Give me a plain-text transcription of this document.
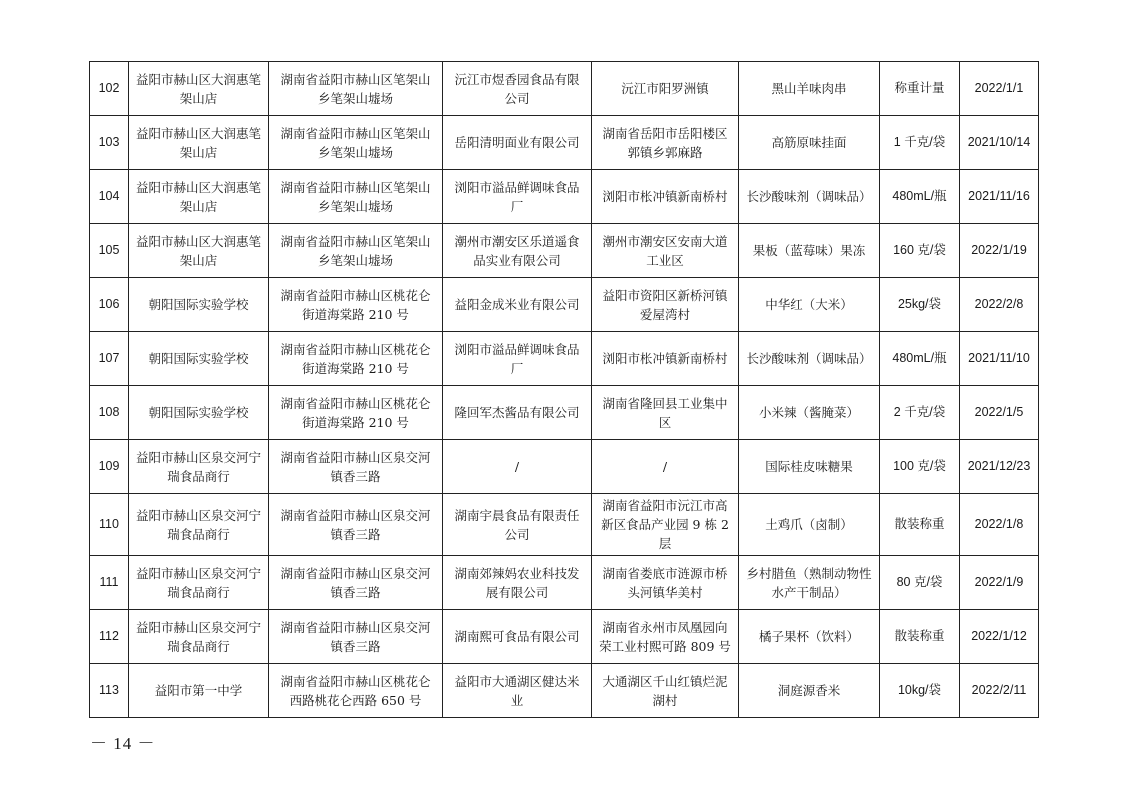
102	益阳市赫山区大润惠笔架山店	湖南省益阳市赫山区笔架山乡笔架山墟场	沅江市煜香园食品有限公司	沅江市阳罗洲镇	黑山羊味肉串	称重计量	2022/1/1
103	益阳市赫山区大润惠笔架山店	湖南省益阳市赫山区笔架山乡笔架山墟场	岳阳清明面业有限公司	湖南省岳阳市岳阳楼区郭镇乡郭麻路	高筋原味挂面	1 千克/袋	2021/10/14
104	益阳市赫山区大润惠笔架山店	湖南省益阳市赫山区笔架山乡笔架山墟场	浏阳市溢品鲜调味食品厂	浏阳市枨冲镇新南桥村	长沙酸味剂（调味品）	480mL/瓶	2021/11/16
105	益阳市赫山区大润惠笔架山店	湖南省益阳市赫山区笔架山乡笔架山墟场	潮州市潮安区乐道遥食品实业有限公司	潮州市潮安区安南大道工业区	果板（蓝莓味）果冻	160 克/袋	2022/1/19
106	朝阳国际实验学校	湖南省益阳市赫山区桃花仑街道海棠路 210 号	益阳金成米业有限公司	益阳市资阳区新桥河镇爱屋湾村	中华红（大米）	25kg/袋	2022/2/8
107	朝阳国际实验学校	湖南省益阳市赫山区桃花仑街道海棠路 210 号	浏阳市溢品鲜调味食品厂	浏阳市枨冲镇新南桥村	长沙酸味剂（调味品）	480mL/瓶	2021/11/10
108	朝阳国际实验学校	湖南省益阳市赫山区桃花仑街道海棠路 210 号	隆回军杰酱品有限公司	湖南省隆回县工业集中区	小米辣（酱腌菜）	2 千克/袋	2022/1/5
109	益阳市赫山区泉交河宁瑞食品商行	湖南省益阳市赫山区泉交河镇香三路	/	/	国际桂皮味糖果	100 克/袋	2021/12/23
110	益阳市赫山区泉交河宁瑞食品商行	湖南省益阳市赫山区泉交河镇香三路	湖南宇晨食品有限责任公司	湖南省益阳市沅江市高新区食品产业园 9 栋 2 层	土鸡爪（卤制）	散装称重	2022/1/8
111	益阳市赫山区泉交河宁瑞食品商行	湖南省益阳市赫山区泉交河镇香三路	湖南郊辣妈农业科技发展有限公司	湖南省娄底市涟源市桥头河镇华美村	乡村腊鱼（熟制动物性水产干制品）	80 克/袋	2022/1/9
112	益阳市赫山区泉交河宁瑞食品商行	湖南省益阳市赫山区泉交河镇香三路	湖南熙可食品有限公司	湖南省永州市凤凰园向荣工业村熙可路 809 号	橘子果杯（饮料）	散装称重	2022/1/12
113	益阳市第一中学	湖南省益阳市赫山区桃花仑西路桃花仑西路 650 号	益阳市大通湖区健达米业	大通湖区千山红镇烂泥湖村	洞庭源香米	10kg/袋	2022/2/11
－ 14 －
